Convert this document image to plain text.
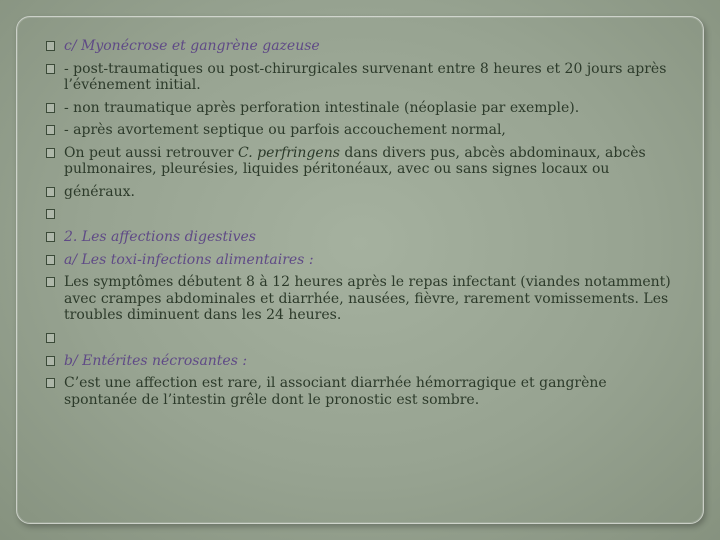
c/ Myonécrose et gangrène gazeuse

- post-traumatiques ou post-chirurgicales survenant entre 8 heures et 20 jours après l’événement initial.

- non traumatique après perforation intestinale (néoplasie par exemple).

- après avortement septique ou parfois accouchement normal,

On peut aussi retrouver C. perfringens dans divers pus, abcès abdominaux, abcès pulmonaires, pleurésies, liquides péritonéaux, avec ou sans signes locaux ou

généraux.

2. Les affections digestives

a/ Les toxi-infections alimentaires :

Les symptômes débutent 8 à 12 heures après le repas infectant (viandes notamment) avec crampes abdominales et diarrhée, nausées, fièvre, rarement vomissements. Les troubles diminuent dans les 24 heures.

b/ Entérites nécrosantes :

C’est une affection est rare, il associant diarrhée hémorragique et gangrène spontanée de l’intestin grêle dont le pronostic est sombre.
